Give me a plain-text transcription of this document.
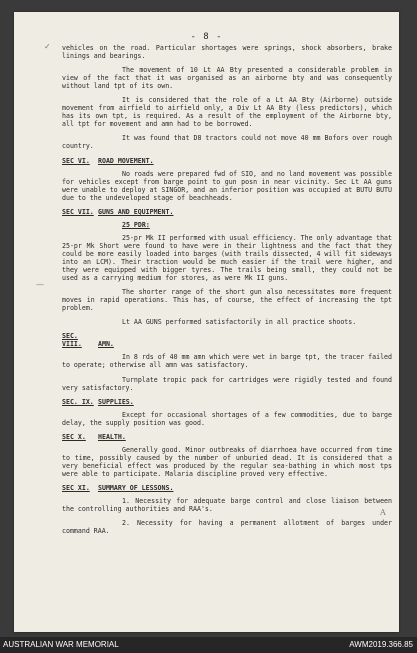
- 8 -
✓
—
A

vehicles on the road. Particular shortages were springs, shock absorbers, brake linings and bearings.

The movement of 10 Lt AA Bty presented a considerable problem in view of the fact that it was organised as an airborne bty and was consequently without land tpt of its own.

It is considered that the role of a Lt AA Bty (Airborne) outside movement from airfield to airfield only, a Div Lt AA Bty (less predictors), which has its own tpt, is required. As a result of the employment of the Airborne bty, all tpt for movement and amn had to be borrowed.

It was found that D8 tractors could not move 40 mm Bofors over rough country.

SEC VI. ROAD MOVEMENT.

No roads were prepared fwd of SIO, and no land movement was possible for vehicles except from barge point to gun posn in near vicinity. Sec Lt AA guns were unable to deploy at SINGOR, and an inferior position was occupied at BUTU BUTU due to the undeveloped stage of beachheads.

SEC VII. GUNS AND EQUIPMENT.

25 PDR:

25-pr Mk II performed with usual efficiency. The only advantage that 25-pr Mk Short were found to have were in their lightness and the fact that they could be more easily loaded into barges (with trails dissected, 4 will fit sideways into an LCM). Their traction would be much easier if the trail were higher, and they were equipped with bigger tyres. The trails being small, they could not be used as a carrying medium for stores, as were Mk II guns.

The shorter range of the short gun also necessitates more frequent moves in rapid operations. This has, of course, the effect of increasing the tpt problem.

Lt AA GUNS performed satisfactorily in all practice shoots.

SEC. VIII. AMN.

In 8 rds of 40 mm amn which were wet in barge tpt, the tracer failed to operate; otherwise all amn was satisfactory.

Turnplate tropic pack for cartridges were rigidly tested and found very satisfactory.

SEC. IX. SUPPLIES.

Except for occasional shortages of a few commodities, due to barge delay, the supply position was good.

SEC X. HEALTH.

Generally good. Minor outbreaks of diarrhoea have occurred from time to time, possibly caused by the number of unburied dead. It is considered that a very beneficial effect was produced by the regular sea-bathing in which most tps were able to participate. Malaria discipline proved very effective.

SEC XI. SUMMARY OF LESSONS.

1. Necessity for adequate barge control and close liaison between the controlling authorities and RAA's.

2. Necessity for having a permanent allotment of barges under command RAA.

AUSTRALIAN WAR MEMORIAL	AWM2019.366.85
